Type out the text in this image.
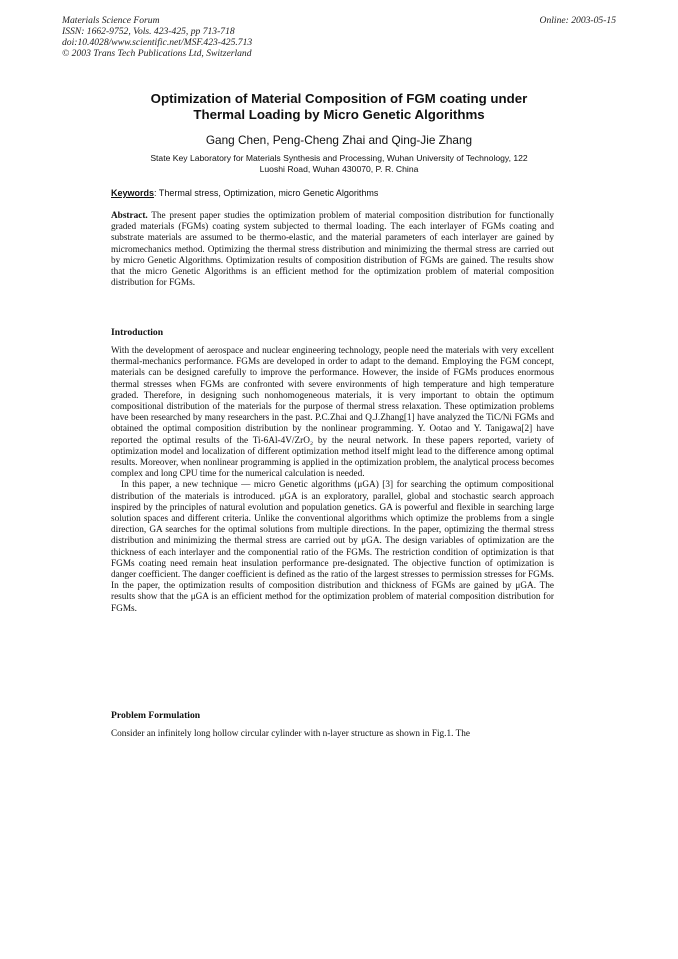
Materials Science Forum
ISSN: 1662-9752, Vols. 423-425, pp 713-718
doi:10.4028/www.scientific.net/MSF.423-425.713
© 2003 Trans Tech Publications Ltd, Switzerland
Online: 2003-05-15
Optimization of Material Composition of FGM coating under
Thermal Loading by Micro Genetic Algorithms
Gang Chen, Peng-Cheng Zhai and Qing-Jie Zhang
State Key Laboratory for Materials Synthesis and Processing, Wuhan University of Technology, 122
Luoshi Road, Wuhan 430070, P. R. China
Keywords: Thermal stress, Optimization, micro Genetic Algorithms

Abstract. The present paper studies the optimization problem of material composition distribution for functionally graded materials (FGMs) coating system subjected to thermal loading. The each interlayer of FGMs coating and substrate materials are assumed to be thermo-elastic, and the material parameters of each interlayer are gained by micromechanics method. Optimizing the thermal stress distribution and minimizing the thermal stress are carried out by micro Genetic Algorithms. Optimization results of composition distribution of FGMs are gained. The results show that the micro Genetic Algorithms is an efficient method for the optimization problem of material composition distribution for FGMs.

Introduction

With the development of aerospace and nuclear engineering technology, people need the materials with very excellent thermal-mechanics performance. FGMs are developed in order to adapt to the demand. Employing the FGM concept, materials can be designed carefully to improve the performance. However, the inside of FGMs produces enormous thermal stresses when FGMs are confronted with severe environments of high temperature and high temperature graded. Therefore, in designing such nonhomogeneous materials, it is very important to obtain the optimum compositional distribution of the materials for the purpose of thermal stress relaxation. These optimization problems have been researched by many researchers in the past. P.C.Zhai and Q.J.Zhang[1] have analyzed the TiC/Ni FGMs and obtained the optimal composition distribution by the nonlinear programming. Y. Ootao and Y. Tanigawa[2] have reported the optimal results of the Ti-6Al-4V/ZrO₂ by the neural network. In these papers reported, variety of optimization model and localization of different optimization method itself might lead to the difference among optimal results. Moreover, when nonlinear programming is applied in the optimization problem, the analytical process becomes complex and long CPU time for the numerical calculation is needed.

In this paper, a new technique — micro Genetic algorithms (μGA) [3] for searching the optimum compositional distribution of the materials is introduced. μGA is an exploratory, parallel, global and stochastic search approach inspired by the principles of natural evolution and population genetics. GA is powerful and flexible in searching large solution spaces and different criteria. Unlike the conventional algorithms which optimize the problems from a single direction, GA searches for the optimal solutions from multiple directions. In the paper, optimizing the thermal stress distribution and minimizing the thermal stress are carried out by μGA. The design variables of optimization are the thickness of each interlayer and the componential ratio of the FGMs. The restriction condition of optimization is that FGMs coating need remain heat insulation performance pre-designated. The objective function of optimization is danger coefficient. The danger coefficient is defined as the ratio of the largest stresses to permission stresses for FGMs. In the paper, the optimization results of composition distribution and thickness of FGMs are gained by μGA. The results show that the μGA is an efficient method for the optimization problem of material composition distribution for FGMs.

Problem Formulation

Consider an infinitely long hollow circular cylinder with n-layer structure as shown in Fig.1. The
